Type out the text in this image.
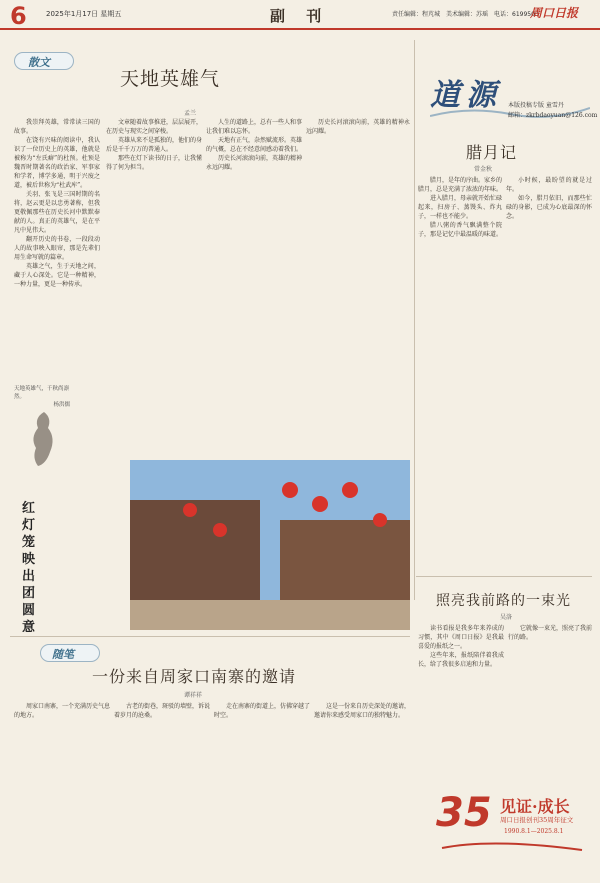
6	2025年1月17日 星期五	副 刊	责任编辑：程芃城　美术编辑：苏瑶　电话：6199503
周口日报
散文
天地英雄气
孟兰

我崇拜英雄，常常读三国的故事。

在饶有兴味的阅读中，我认识了一位历史上的英雄，他就是被称为“左氏癖”的杜预。杜预是魏晋时期著名的政治家、军事家和学者，博学多通，明于兴废之道，被后世称为“杜武库”。

关羽、张飞是三国时期的名将，赵云更是以忠勇著称，但我更敬佩那些在历史长河中默默奉献的人。真正的英雄气，是在平凡中见伟大。

翻开历史的书卷，一段段动人的故事映入眼帘，那是先辈们用生命写就的篇章。

英雄之气，生于天地之间，藏于人心深处。它是一种精神，一种力量，更是一种传承。

天地英雄气，千秋尚凛然。
杨洪儒
红灯笼映出团圆意

文章随着故事推进，层层展开，在历史与现实之间穿梭。

英雄从来不是孤独的，他们的身后是千千万万的普通人。

那些在灯下读书的日子，让我懂得了何为担当。

人生的道路上，总有一些人和事让我们难以忘怀。

天地有正气，杂然赋流形。英雄的气概，总在不经意间感动着我们。

历史长河滚滚向前，英雄的精神永远闪耀。

历史长河滚滚向前，英雄的精神永远闪耀。

道源 本版投稿专版 童雪丹
邮箱：zkrbdaoyuan@126.com
腊月记
常金秋

腊月，是年的序曲。家乡的腊月，总是充满了浓浓的年味。

进入腊月，母亲就开始忙碌起来，扫房子、蒸馒头、炸丸子，一样也不能少。

腊八粥的香气飘满整个院子，那是记忆中最温暖的味道。

小时候，最盼望的就是过年。

如今，腊月依旧，而那些忙碌的身影，已成为心底最深的怀念。

照亮我前路的一束光
吴洛

读书看报是我多年来养成的习惯，其中《周口日报》是我最喜爱的报纸之一。

这些年来，报纸陪伴着我成长，给了我很多启迪和力量。

它就像一束光，照亮了我前行的路。

随笔
一份来自周家口南寨的邀请
谭祥祥

周家口南寨，一个充满历史气息的地方。

古老的街巷，斑驳的墙壁，诉说着岁月的沧桑。

走在南寨的街道上，仿佛穿越了时空。

这是一份来自历史深处的邀请，邀请你来感受周家口的独特魅力。

35 见证·成长
周口日报创刊35周年征文
1990.8.1—2025.8.1
